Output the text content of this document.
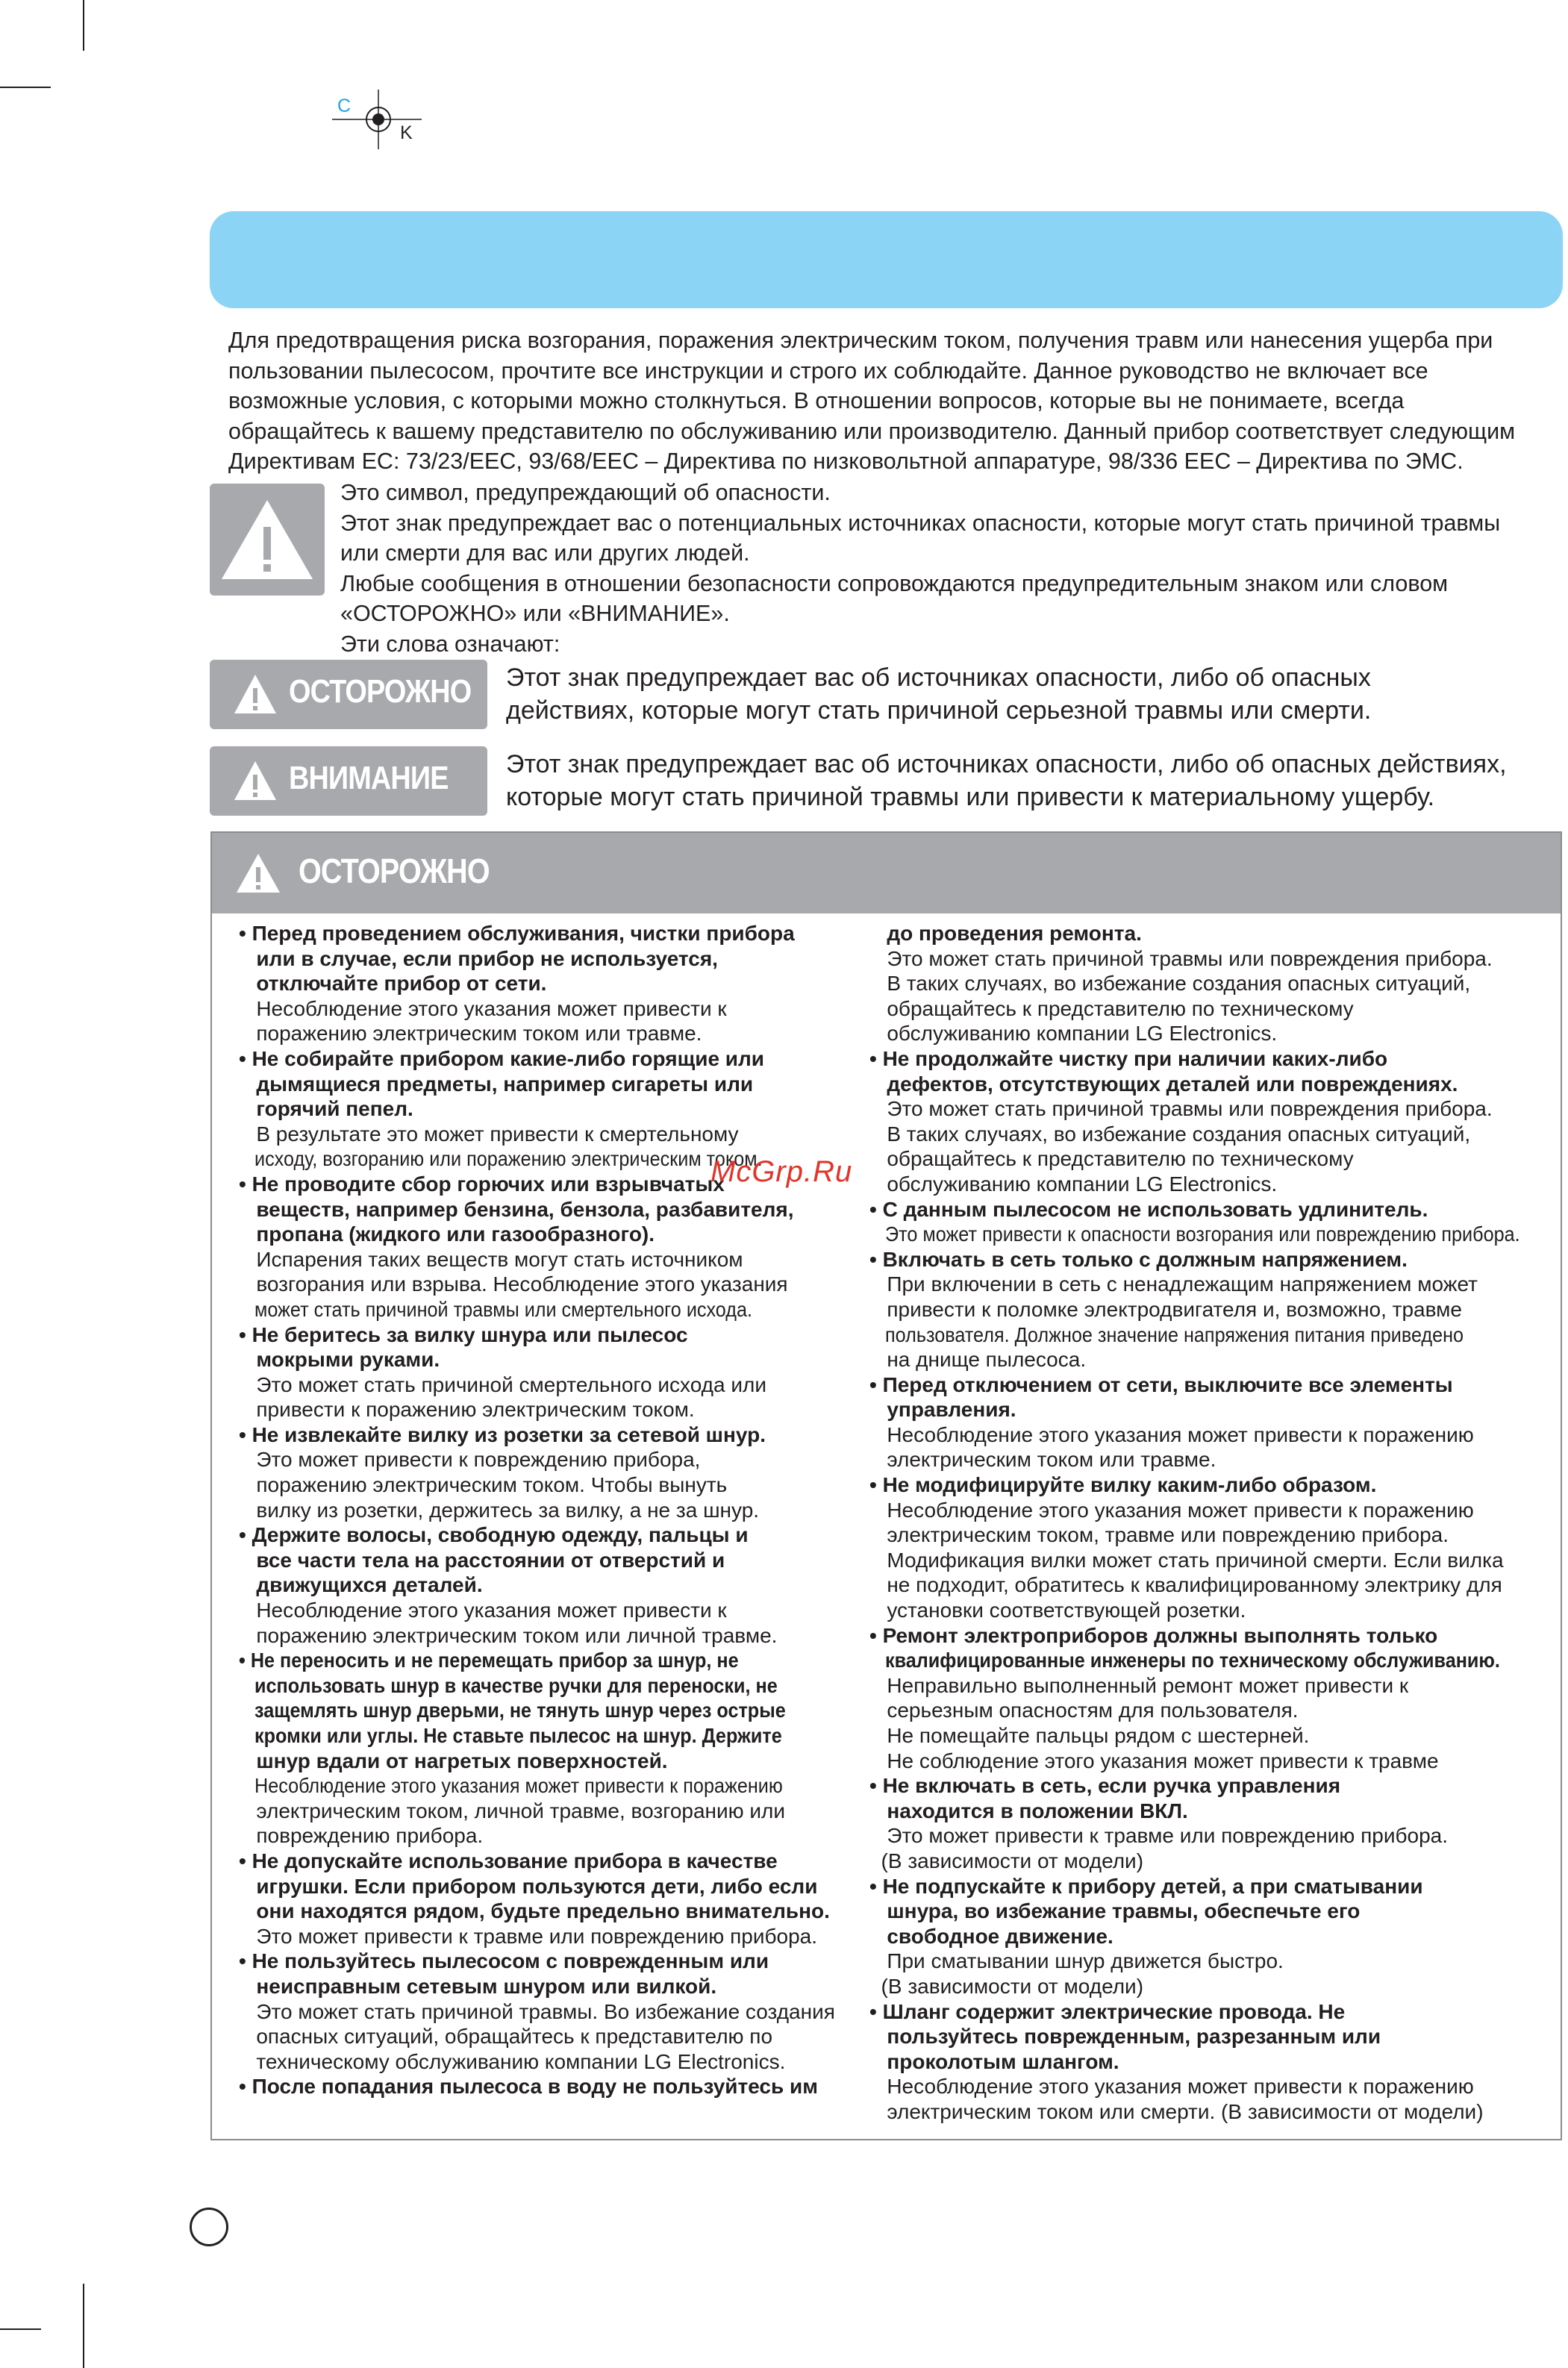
C
K
Для предотвращения риска возгорания, поражения электрическим током, получения травм или нанесения ущерба при
пользовании пылесосом, прочтите все инструкции и строго их соблюдайте. Данное руководство не включает все
возможные условия, с которыми можно столкнуться. В отношении вопросов, которые вы не понимаете, всегда
обращайтесь к вашему представителю по обслуживанию или производителю. Данный прибор соответствует следующим
Директивам ЕС: 73/23/EEC, 93/68/EEC – Директива по низковольтной аппаратуре, 98/336 EEC – Директива по ЭМС.
Это символ, предупреждающий об опасности.
Этот знак предупреждает вас о потенциальных источниках опасности, которые могут стать причиной травмы
или смерти для вас или других людей.
Любые сообщения в отношении безопасности сопровождаются предупредительным знаком или словом
«ОСТОРОЖНО» или «ВНИМАНИЕ».
Эти слова означают:
ОСТОРОЖНО Этот знак предупреждает вас об источниках опасности, либо об опасных
действиях, которые могут стать причиной серьезной травмы или смерти.
ВНИМАНИЕ Этот знак предупреждает вас об источниках опасности, либо об опасных действиях,
которые могут стать причиной травмы или привести к материальному ущербу.
ОСТОРОЖНО
• Перед проведением обслуживания, чистки прибора
или в случае, если прибор не используется,
отключайте прибор от сети.
Несоблюдение этого указания может привести к
поражению электрическим током или травме.
• Не собирайте прибором какие-либо горящие или
дымящиеся предметы, например сигареты или
горячий пепел.
В результате это может привести к смертельному
исходу, возгоранию или поражению электрическим током.
• Не проводите сбор горючих или взрывчатых
веществ, например бензина, бензола, разбавителя,
пропана (жидкого или газообразного).
Испарения таких веществ могут стать источником
возгорания или взрыва. Несоблюдение этого указания
может стать причиной травмы или смертельного исхода.
• Не беритесь за вилку шнура или пылесос
мокрыми руками.
Это может стать причиной смертельного исхода или
привести к поражению электрическим током.
• Не извлекайте вилку из розетки за сетевой шнур.
Это может привести к повреждению прибора,
поражению электрическим током. Чтобы вынуть
вилку из розетки, держитесь за вилку, а не за шнур.
• Держите волосы, свободную одежду, пальцы и
все части тела на расстоянии от отверстий и
движущихся деталей.
Несоблюдение этого указания может привести к
поражению электрическим током или личной травме.
• Не переносить и не перемещать прибор за шнур, не
использовать шнур в качестве ручки для переноски, не
защемлять шнур дверьми, не тянуть шнур через острые
кромки или углы. Не ставьте пылесос на шнур. Держите
шнур вдали от нагретых поверхностей.
Несоблюдение этого указания может привести к поражению
электрическим током, личной травме, возгоранию или
повреждению прибора.
• Не допускайте использование прибора в качестве
игрушки. Если прибором пользуются дети, либо если
они находятся рядом, будьте предельно внимательно.
Это может привести к травме или повреждению прибора.
• Не пользуйтесь пылесосом с поврежденным или
неисправным сетевым шнуром или вилкой.
Это может стать причиной травмы. Во избежание создания
опасных ситуаций, обращайтесь к представителю по
техническому обслуживанию компании LG Electronics.
• После попадания пылесоса в воду не пользуйтесь им
до проведения ремонта.
Это может стать причиной травмы или повреждения прибора.
В таких случаях, во избежание создания опасных ситуаций,
обращайтесь к представителю по техническому
обслуживанию компании LG Electronics.
• Не продолжайте чистку при наличии каких-либо
дефектов, отсутствующих деталей или повреждениях.
Это может стать причиной травмы или повреждения прибора.
В таких случаях, во избежание создания опасных ситуаций,
обращайтесь к представителю по техническому
обслуживанию компании LG Electronics.
• С данным пылесосом не использовать удлинитель.
Это может привести к опасности возгорания или повреждению прибора.
• Включать в сеть только с должным напряжением.
При включении в сеть с ненадлежащим напряжением может
привести к поломке электродвигателя и, возможно, травме
пользователя. Должное значение напряжения питания приведено
на днище пылесоса.
• Перед отключением от сети, выключите все элементы
управления.
Несоблюдение этого указания может привести к поражению
электрическим током или травме.
• Не модифицируйте вилку каким-либо образом.
Несоблюдение этого указания может привести к поражению
электрическим током, травме или повреждению прибора.
Модификация вилки может стать причиной смерти. Если вилка
не подходит, обратитесь к квалифицированному электрику для
установки соответствующей розетки.
• Ремонт электроприборов должны выполнять только
квалифицированные инженеры по техническому обслуживанию.
Неправильно выполненный ремонт может привести к
серьезным опасностям для пользователя.
Не помещайте пальцы рядом с шестерней.
Не соблюдение этого указания может привести к травме
• Не включать в сеть, если ручка управления
находится в положении ВКЛ.
Это может привести к травме или повреждению прибора.
(В зависимости от модели)
• Не подпускайте к прибору детей, а при сматывании
шнура, во избежание травмы, обеспечьте его
свободное движение.
При сматывании шнур движется быстро.
(В зависимости от модели)
• Шланг содержит электрические провода. Не
пользуйтесь поврежденным, разрезанным или
проколотым шлангом.
Несоблюдение этого указания может привести к поражению
электрическим током или смерти. (В зависимости от модели)
McGrp.Ru
